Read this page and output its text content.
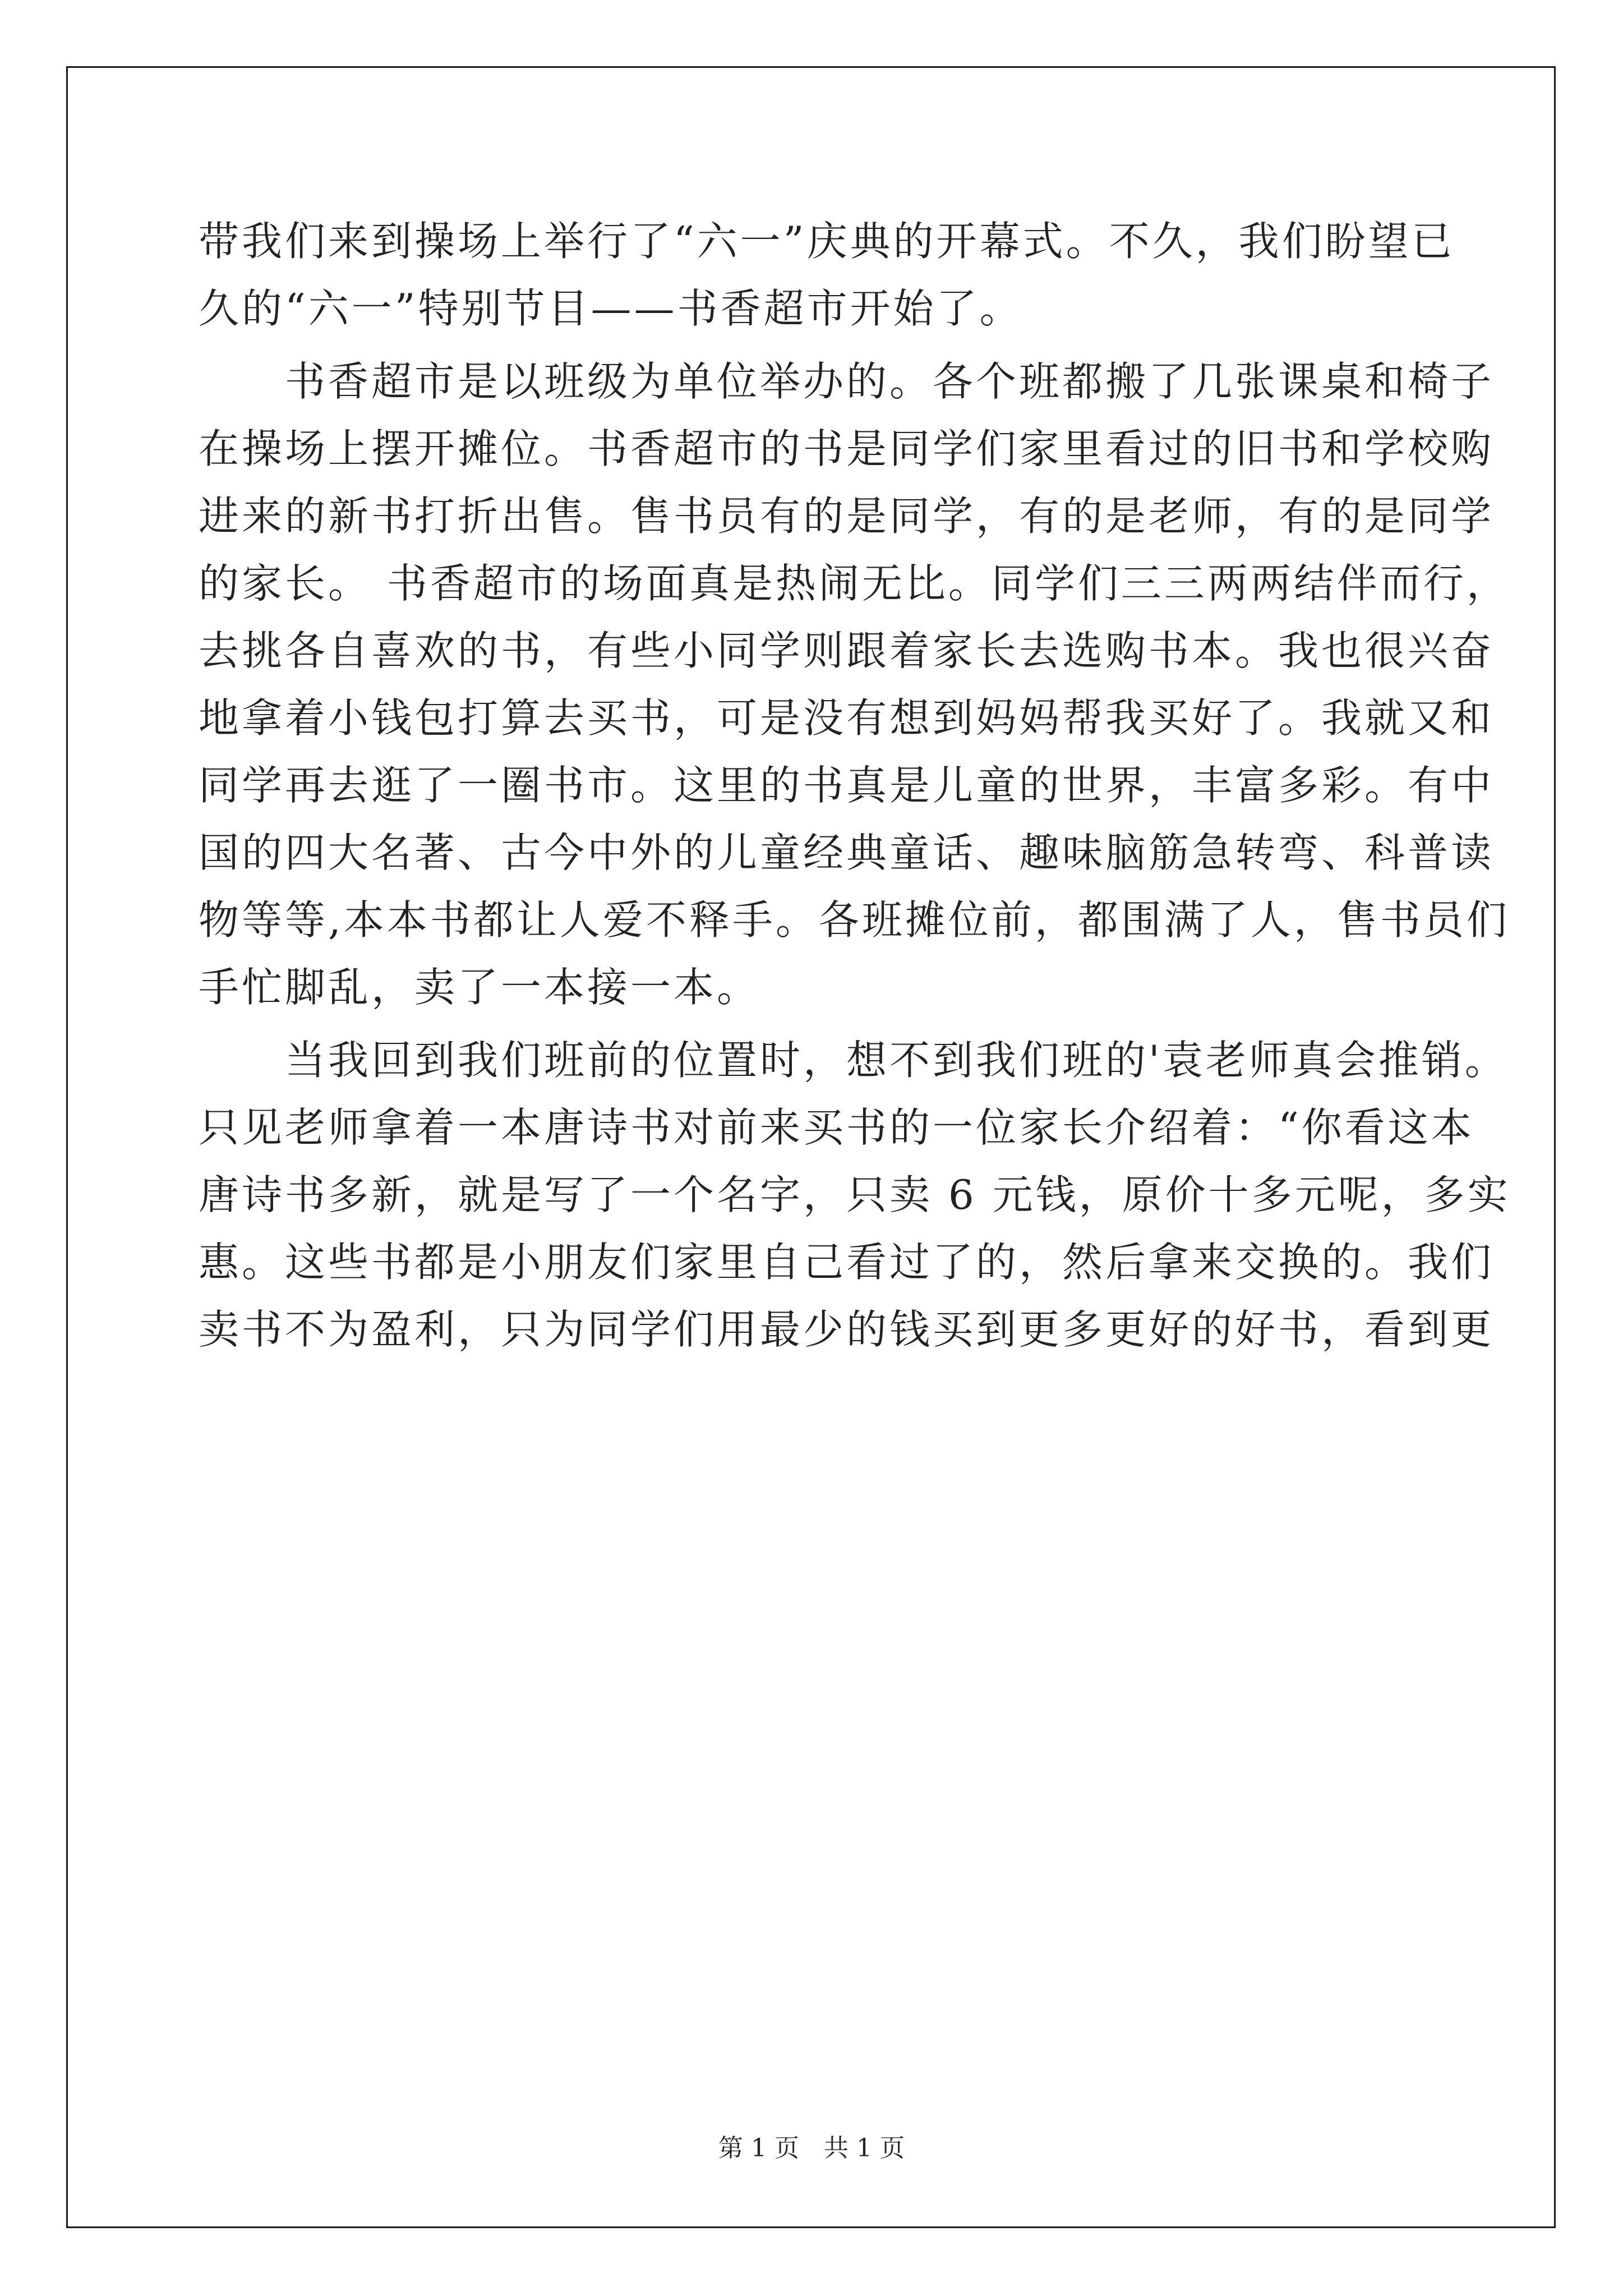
带我们来到操场上举行了“六一”庆典的开幕式。不久，我们盼望已
久的“六一”特别节目——书香超市开始了。
　　书香超市是以班级为单位举办的。各个班都搬了几张课桌和椅子
在操场上摆开摊位。书香超市的书是同学们家里看过的旧书和学校购
进来的新书打折出售。售书员有的是同学，有的是老师，有的是同学
的家长。 书香超市的场面真是热闹无比。同学们三三两两结伴而行，
去挑各自喜欢的书，有些小同学则跟着家长去选购书本。我也很兴奋
地拿着小钱包打算去买书，可是没有想到妈妈帮我买好了。我就又和
同学再去逛了一圈书市。这里的书真是儿童的世界，丰富多彩。有中
国的四大名著、古今中外的儿童经典童话、趣味脑筋急转弯、科普读
物等等,本本书都让人爱不释手。各班摊位前，都围满了人，售书员们
手忙脚乱，卖了一本接一本。
　　当我回到我们班前的位置时，想不到我们班的'袁老师真会推销。
只见老师拿着一本唐诗书对前来买书的一位家长介绍着：“你看这本
唐诗书多新，就是写了一个名字，只卖 6 元钱，原价十多元呢，多实
惠。这些书都是小朋友们家里自己看过了的，然后拿来交换的。我们
卖书不为盈利，只为同学们用最少的钱买到更多更好的好书，看到更
第 1 页　共 1 页
